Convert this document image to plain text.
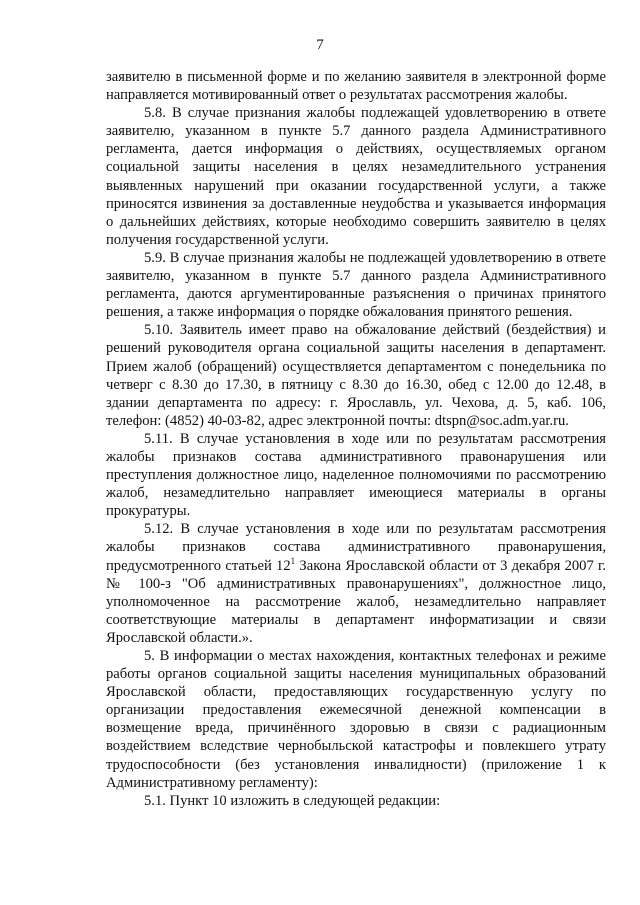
7

заявителю в письменной форме и по желанию заявителя в электронной форме направляется мотивированный ответ о результатах рассмотрения жалобы.

5.8. В случае признания жалобы подлежащей удовлетворению в ответе заявителю, указанном в пункте 5.7 данного раздела Административного регламента, дается информация о действиях, осуществляемых органом социальной защиты населения в целях незамедлительного устранения выявленных нарушений при оказании государственной услуги, а также приносятся извинения за доставленные неудобства и указывается информация о дальнейших действиях, которые необходимо совершить заявителю в целях получения государственной услуги.

5.9. В случае признания жалобы не подлежащей удовлетворению в ответе заявителю, указанном в пункте 5.7 данного раздела Административного регламента, даются аргументированные разъяснения о причинах принятого решения, а также информация о порядке обжалования принятого решения.

5.10. Заявитель имеет право на обжалование действий (бездействия) и решений руководителя органа социальной защиты населения в департамент. Прием жалоб (обращений) осуществляется департаментом с понедельника по четверг с 8.30 до 17.30, в пятницу с 8.30 до 16.30, обед с 12.00 до 12.48, в здании департамента по адресу: г. Ярославль, ул. Чехова, д. 5, каб. 106, телефон: (4852) 40-03-82, адрес электронной почты: dtspn@soc.adm.yar.ru.

5.11. В случае установления в ходе или по результатам рассмотрения жалобы признаков состава административного правонарушения или преступления должностное лицо, наделенное полномочиями по рассмотрению жалоб, незамедлительно направляет имеющиеся материалы в органы прокуратуры.

5.12. В случае установления в ходе или по результатам рассмотрения жалобы признаков состава административного правонарушения, предусмотренного статьей $12^1$ Закона Ярославской области от 3 декабря 2007 г. № 100-з "Об административных правонарушениях", должностное лицо, уполномоченное на рассмотрение жалоб, незамедлительно направляет соответствующие материалы в департамент информатизации и связи Ярославской области.».

5. В информации о местах нахождения, контактных телефонах и режиме работы органов социальной защиты населения муниципальных образований Ярославской области, предоставляющих государственную услугу по организации предоставления ежемесячной денежной компенсации в возмещение вреда, причинённого здоровью в связи с радиационным воздействием вследствие чернобыльской катастрофы и повлекшего утрату трудоспособности (без установления инвалидности) (приложение 1 к Административному регламенту):

5.1. Пункт 10 изложить в следующей редакции:
